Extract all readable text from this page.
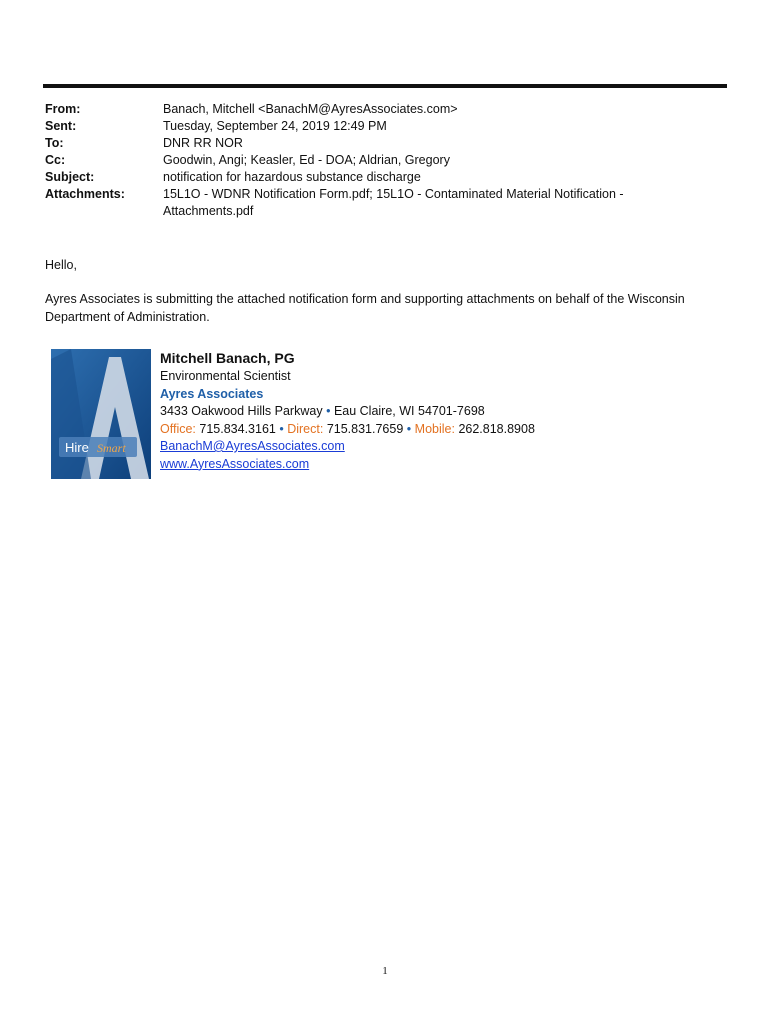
From:	Banach, Mitchell <BanachM@AyresAssociates.com>
Sent:	Tuesday, September 24, 2019 12:49 PM
To:	DNR RR NOR
Cc:	Goodwin, Angi; Keasler, Ed - DOA; Aldrian, Gregory
Subject:	notification for hazardous substance discharge
Attachments:	15L1O - WDNR Notification Form.pdf; 15L1O - Contaminated Material Notification - Attachments.pdf
Hello,
Ayres Associates is submitting the attached notification form and supporting attachments on behalf of the Wisconsin Department of Administration.
Hire Smart
Mitchell Banach, PG
Environmental Scientist
Ayres Associates
3433 Oakwood Hills Parkway • Eau Claire, WI 54701-7698
Office: 715.834.3161 • Direct: 715.831.7659 • Mobile: 262.818.8908
BanachM@AyresAssociates.com
www.AyresAssociates.com
1
